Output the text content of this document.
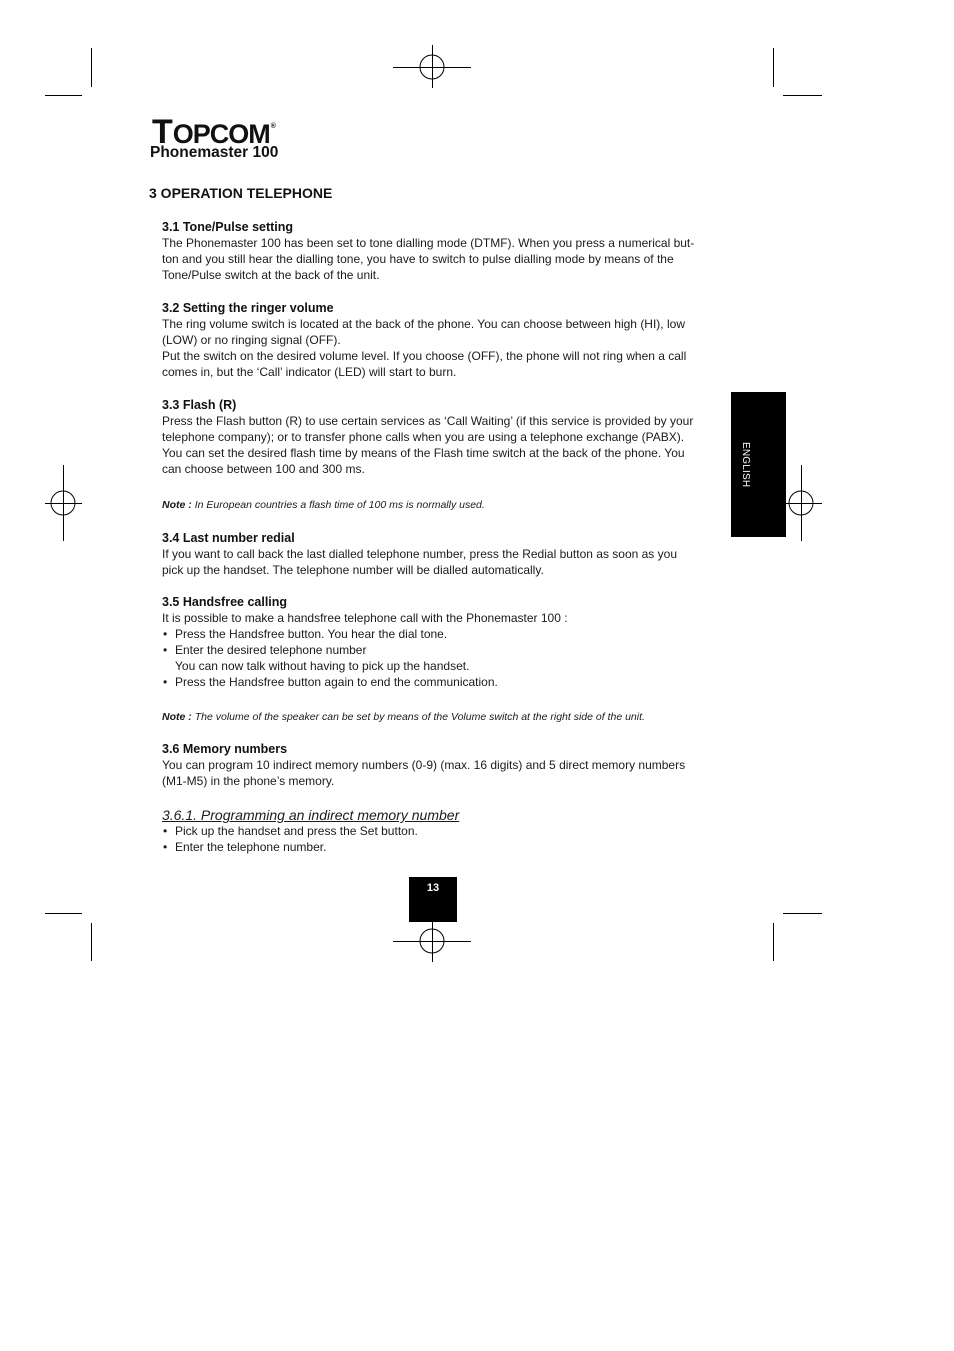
T OPCOM ®
Phonemaster 100
3 OPERATION TELEPHONE
3.1 Tone/Pulse setting
The Phonemaster 100 has been set to tone dialling mode (DTMF). When you press a numerical but-
ton and you still hear the dialling tone, you have to switch to pulse dialling mode by means of the
Tone/Pulse switch at the back of the unit.
3.2 Setting the ringer volume
The ring volume switch is located at the back of the phone. You can choose between high (HI), low
(LOW) or no ringing signal (OFF).
Put the switch on the desired volume level. If you choose (OFF), the phone will not ring when a call
comes in, but the ‘Call’ indicator (LED) will start to burn.
3.3 Flash (R)
Press the Flash button (R) to use certain services as ‘Call Waiting’ (if this service is provided by your
telephone company); or to transfer phone calls when you are using a telephone exchange (PABX).
You can set the desired flash time by means of the Flash time switch at the back of the phone. You
can choose between 100 and 300 ms.
Note : In European countries a flash time of 100 ms is normally used.
3.4 Last number redial
If you want to call back the last dialled telephone number, press the Redial button as soon as you
pick up the handset. The telephone number will be dialled automatically.
3.5 Handsfree calling
It is possible to make a handsfree telephone call with the Phonemaster 100 :
• Press the Handsfree button. You hear the dial tone.
• Enter the desired telephone number
You can now talk without having to pick up the handset.
• Press the Handsfree button again to end the communication.
Note : The volume of the speaker can be set by means of the Volume switch at the right side of the unit.
3.6 Memory numbers
You can program 10 indirect memory numbers (0-9) (max. 16 digits) and 5 direct memory numbers
(M1-M5) in the phone’s memory.
3.6.1. Programming an indirect memory number
• Pick up the handset and press the Set button.
• Enter the telephone number.
ENGLISH
13
